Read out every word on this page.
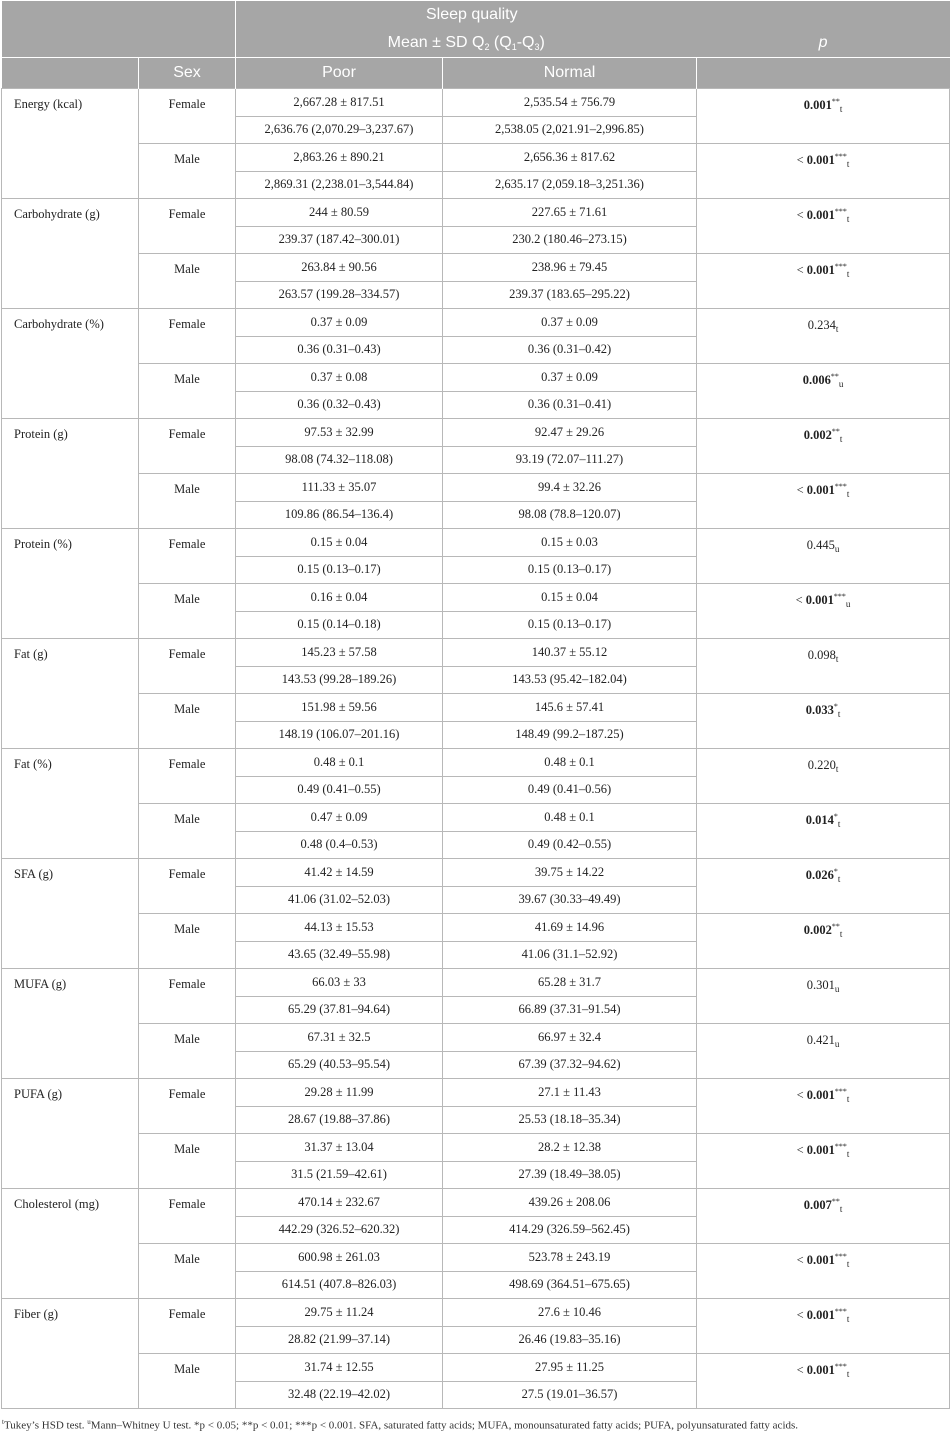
		Sleep quality		
		Mean ± SD $Q_2$ $(Q_1-Q_3)$		p
	Sex	Poor	Normal	
Energy (kcal)	Female	2,667.28 ± 817.51	2,535.54 ± 756.79	$0.001^{**}_t$
		2,636.76 (2,070.29–3,237.67)	2,538.05 (2,021.91–2,996.85)	
	Male	2,863.26 ± 890.21	2,656.36 ± 817.62	< $0.001^{***}_t$
		2,869.31 (2,238.01–3,544.84)	2,635.17 (2,059.18–3,251.36)	
Carbohydrate (g)	Female	244 ± 80.59	227.65 ± 71.61	< $0.001^{***}_t$
		239.37 (187.42–300.01)	230.2 (180.46–273.15)	
	Male	263.84 ± 90.56	238.96 ± 79.45	< $0.001^{***}_t$
		263.57 (199.28–334.57)	239.37 (183.65–295.22)	
Carbohydrate (%)	Female	0.37 ± 0.09	0.37 ± 0.09	$0.234_t$
		0.36 (0.31–0.43)	0.36 (0.31–0.42)	
	Male	0.37 ± 0.08	0.37 ± 0.09	$0.006^{**}_u$
		0.36 (0.32–0.43)	0.36 (0.31–0.41)	
Protein (g)	Female	97.53 ± 32.99	92.47 ± 29.26	$0.002^{**}_t$
		98.08 (74.32–118.08)	93.19 (72.07–111.27)	
	Male	111.33 ± 35.07	99.4 ± 32.26	< $0.001^{***}_t$
		109.86 (86.54–136.4)	98.08 (78.8–120.07)	
Protein (%)	Female	0.15 ± 0.04	0.15 ± 0.03	$0.445_u$
		0.15 (0.13–0.17)	0.15 (0.13–0.17)	
	Male	0.16 ± 0.04	0.15 ± 0.04	< $0.001^{***}_u$
		0.15 (0.14–0.18)	0.15 (0.13–0.17)	
Fat (g)	Female	145.23 ± 57.58	140.37 ± 55.12	$0.098_t$
		143.53 (99.28–189.26)	143.53 (95.42–182.04)	
	Male	151.98 ± 59.56	145.6 ± 57.41	$0.033^*_t$
		148.19 (106.07–201.16)	148.49 (99.2–187.25)	
Fat (%)	Female	0.48 ± 0.1	0.48 ± 0.1	$0.220_t$
		0.49 (0.41–0.55)	0.49 (0.41–0.56)	
	Male	0.47 ± 0.09	0.48 ± 0.1	$0.014^*_t$
		0.48 (0.4–0.53)	0.49 (0.42–0.55)	
SFA (g)	Female	41.42 ± 14.59	39.75 ± 14.22	$0.026^*_t$
		41.06 (31.02–52.03)	39.67 (30.33–49.49)	
	Male	44.13 ± 15.53	41.69 ± 14.96	$0.002^{**}_t$
		43.65 (32.49–55.98)	41.06 (31.1–52.92)	
MUFA (g)	Female	66.03 ± 33	65.28 ± 31.7	$0.301_u$
		65.29 (37.81–94.64)	66.89 (37.31–91.54)	
	Male	67.31 ± 32.5	66.97 ± 32.4	$0.421_u$
		65.29 (40.53–95.54)	67.39 (37.32–94.62)	
PUFA (g)	Female	29.28 ± 11.99	27.1 ± 11.43	< $0.001^{***}_t$
		28.67 (19.88–37.86)	25.53 (18.18–35.34)	
	Male	31.37 ± 13.04	28.2 ± 12.38	< $0.001^{***}_t$
		31.5 (21.59–42.61)	27.39 (18.49–38.05)	
Cholesterol (mg)	Female	470.14 ± 232.67	439.26 ± 208.06	$0.007^{**}_t$
		442.29 (326.52–620.32)	414.29 (326.59–562.45)	
	Male	600.98 ± 261.03	523.78 ± 243.19	< $0.001^{***}_t$
		614.51 (407.8–826.03)	498.69 (364.51–675.65)	
Fiber (g)	Female	29.75 ± 11.24	27.6 ± 10.46	< $0.001^{***}_t$
		28.82 (21.99–37.14)	26.46 (19.83–35.16)	
	Male	31.74 ± 12.55	27.95 ± 11.25	< $0.001^{***}_t$
		32.48 (22.19–42.02)	27.5 (19.01–36.57)	
$^t$Tukey’s HSD test. $^u$Mann–Whitney U test. *p < 0.05; **p < 0.01; ***p < 0.001. SFA, saturated fatty acids; MUFA, monounsaturated fatty acids; PUFA, polyunsaturated fatty acids.
